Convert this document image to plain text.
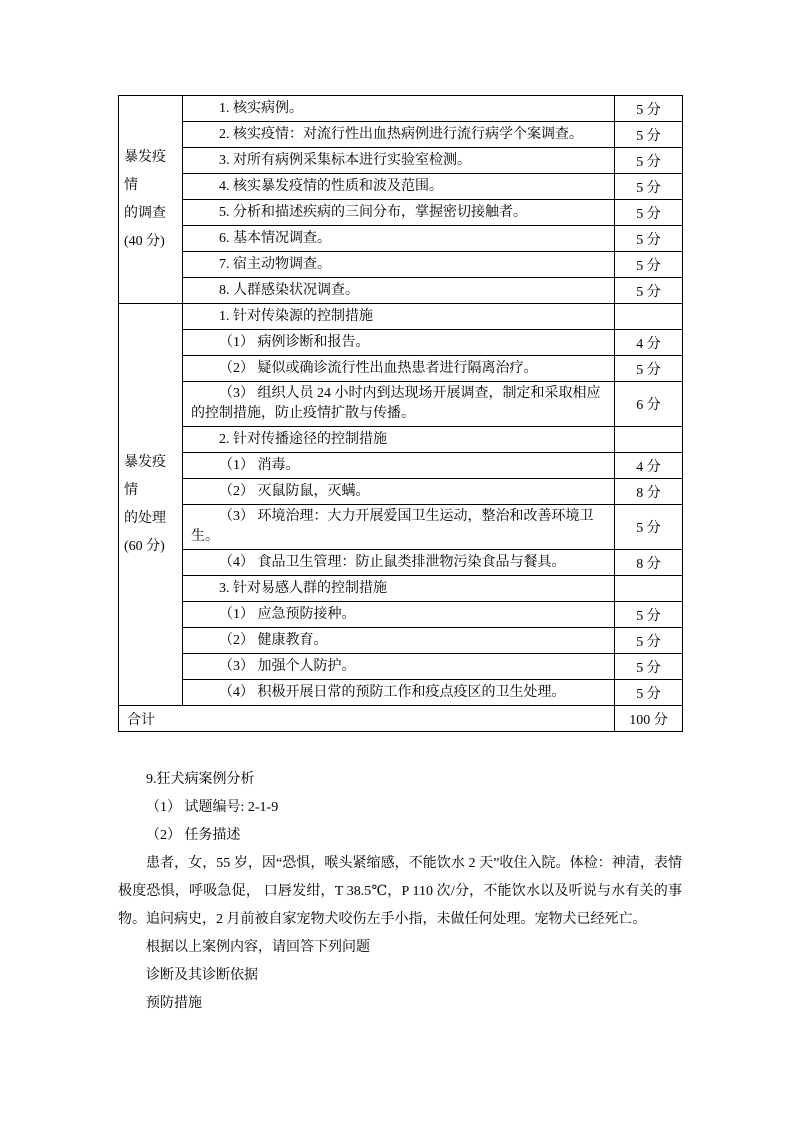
暴发疫情
的调查
(40 分)	1. 核实病例。	5 分
	2. 核实疫情：对流行性出血热病例进行流行病学个案调查。	5 分
	3. 对所有病例采集标本进行实验室检测。	5 分
	4. 核实暴发疫情的性质和波及范围。	5 分
	5. 分析和描述疾病的三间分布，掌握密切接触者。	5 分
	6. 基本情况调查。	5 分
	7. 宿主动物调查。	5 分
	8. 人群感染状况调查。	5 分

暴发疫情
的处理
(60 分)	1. 针对传染源的控制措施	
	（1） 病例诊断和报告。	4 分
	（2） 疑似或确诊流行性出血热患者进行隔离治疗。	5 分
	（3） 组织人员 24 小时内到达现场开展调查，制定和采取相应的控制措施，防止疫情扩散与传播。	6 分
	2. 针对传播途径的控制措施	
	（1） 消毒。	4 分
	（2） 灭鼠防鼠，灭螨。	8 分
	（3） 环境治理：大力开展爱国卫生运动，整治和改善环境卫生。	5 分
	（4） 食品卫生管理：防止鼠类排泄物污染食品与餐具。	8 分
	3. 针对易感人群的控制措施	
	（1） 应急预防接种。	5 分
	（2） 健康教育。	5 分
	（3） 加强个人防护。	5 分
	（4） 积极开展日常的预防工作和疫点疫区的卫生处理。	5 分
合计		100 分

9.狂犬病案例分析

（1） 试题编号: 2-1-9

（2） 任务描述

患者，女，55 岁，因“恐惧，喉头紧缩感，不能饮水 2 天”收住入院。体检：神清，表情极度恐惧，呼吸急促， 口唇发绀，T 38.5℃，P 110 次/分，不能饮水以及听说与水有关的事物。追问病史，2 月前被自家宠物犬咬伤左手小指，未做任何处理。宠物犬已经死亡。

根据以上案例内容，请回答下列问题

诊断及其诊断依据

预防措施
